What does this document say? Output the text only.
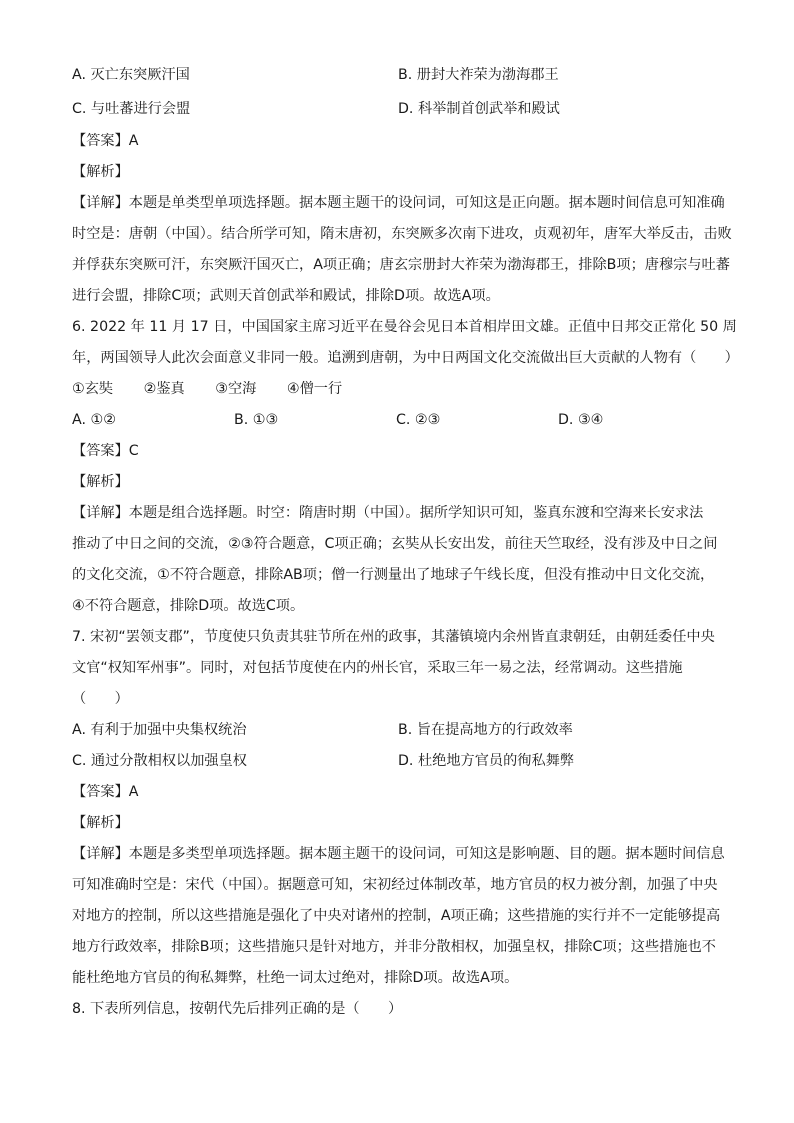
A. 灭亡东突厥汗国	B. 册封大祚荣为渤海郡王
C. 与吐蕃进行会盟	D. 科举制首创武举和殿试
【答案】A
【解析】
【详解】本题是单类型单项选择题。据本题主题干的设问词，可知这是正向题。据本题时间信息可知准确
时空是：唐朝（中国）。结合所学可知，隋末唐初，东突厥多次南下进攻，贞观初年，唐军大举反击，击败
并俘获东突厥可汗，东突厥汗国灭亡，A项正确；唐玄宗册封大祚荣为渤海郡王，排除B项；唐穆宗与吐蕃
进行会盟，排除C项；武则天首创武举和殿试，排除D项。故选A项。
6. 2022 年 11 月 17 日，中国国家主席习近平在曼谷会见日本首相岸田文雄。正值中日邦交正常化 50 周
年，两国领导人此次会面意义非同一般。追溯到唐朝，为中日两国文化交流做出巨大贡献的人物有（　　）
①玄奘 ②鉴真 ③空海 ④僧一行
A. ①②	B. ①③	C. ②③	D. ③④
【答案】C
【解析】
【详解】本题是组合选择题。时空：隋唐时期（中国）。据所学知识可知，鉴真东渡和空海来长安求法
推动了中日之间的交流，②③符合题意，C项正确；玄奘从长安出发，前往天竺取经，没有涉及中日之间
的文化交流，①不符合题意，排除AB项；僧一行测量出了地球子午线长度，但没有推动中日文化交流，
④不符合题意，排除D项。故选C项。
7. 宋初“罢领支郡”，节度使只负责其驻节所在州的政事，其藩镇境内余州皆直隶朝廷，由朝廷委任中央
文官“权知军州事”。同时，对包括节度使在内的州长官，采取三年一易之法，经常调动。这些措施
（　　）
A. 有利于加强中央集权统治	B. 旨在提高地方的行政效率
C. 通过分散相权以加强皇权	D. 杜绝地方官员的徇私舞弊
【答案】A
【解析】
【详解】本题是多类型单项选择题。据本题主题干的设问词，可知这是影响题、目的题。据本题时间信息
可知准确时空是：宋代（中国）。据题意可知，宋初经过体制改革，地方官员的权力被分割，加强了中央
对地方的控制，所以这些措施是强化了中央对诸州的控制，A项正确；这些措施的实行并不一定能够提高
地方行政效率，排除B项；这些措施只是针对地方，并非分散相权，加强皇权，排除C项；这些措施也不
能杜绝地方官员的徇私舞弊，杜绝一词太过绝对，排除D项。故选A项。
8. 下表所列信息，按朝代先后排列正确的是（　　）
